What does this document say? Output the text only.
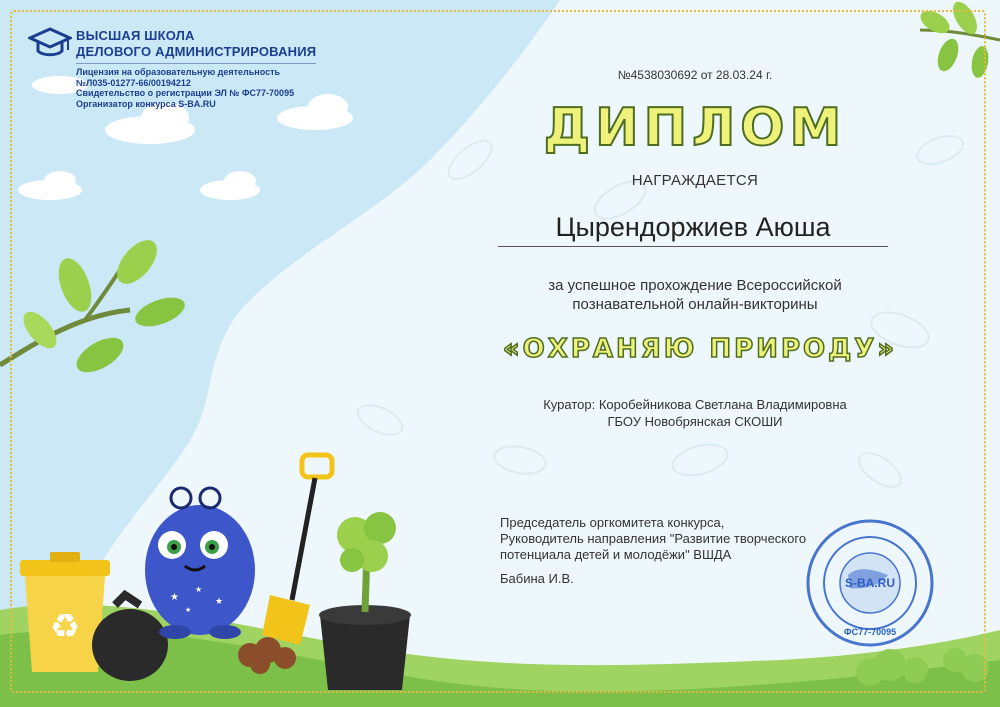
♻
★
★
★
★
ВЫСШАЯ ШКОЛА
ДЕЛОВОГО АДМИНИСТРИРОВАНИЯ
Лицензия на образовательную деятельность
№Л035-01277-66/00194212
Свидетельство о регистрации ЭЛ № ФС77-70095
Организатор конкурса S-BA.RU
№4538030692 от 28.03.24 г.
ДИПЛОМ
НАГРАЖДАЕТСЯ
Цырендоржиев Аюша
за успешное прохождение Всероссийской
познавательной онлайн-викторины
«ОХРАНЯЮ ПРИРОДУ»
Куратор: Коробейникова Светлана Владимировна
ГБОУ Новобрянская СКОШИ
Председатель оргкомитета конкурса,
Руководитель направления "Развитие творческого
потенциала детей и молодёжи" ВШДА
Бабина И.В.	S-BA.RU
ФС77-70095
